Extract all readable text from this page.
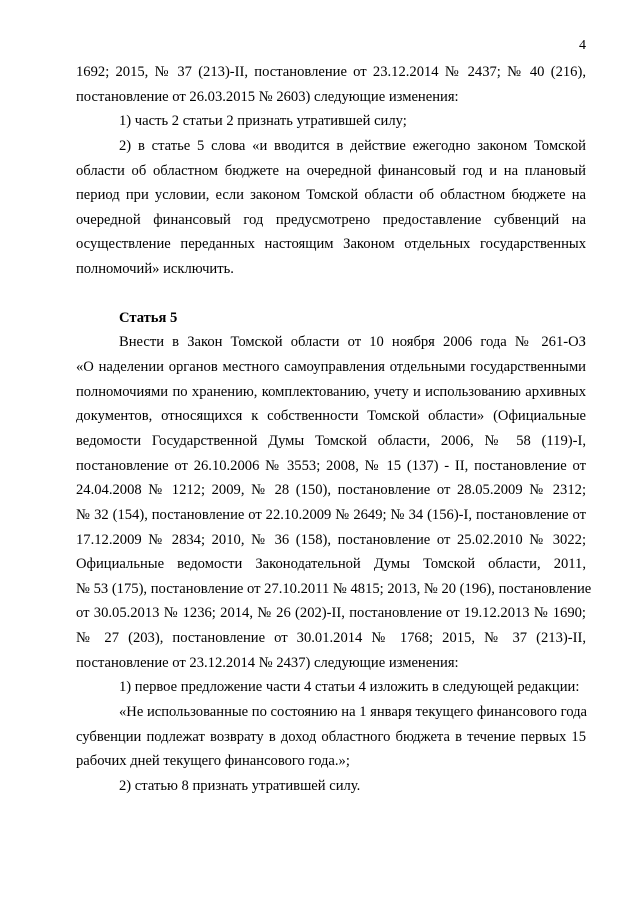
4
1692; 2015, № 37 (213)-II, постановление от 23.12.2014 № 2437; № 40 (216),
постановление от 26.03.2015 № 2603) следующие изменения:
1) часть 2 статьи 2 признать утратившей силу;
2) в статье 5 слова «и вводится в действие ежегодно законом Томской
области об областном бюджете на очередной финансовый год и на плановый
период при условии, если законом Томской области об областном бюджете на
очередной финансовый год предусмотрено предоставление субвенций на
осуществление переданных настоящим Законом отдельных государственных
полномочий» исключить.
Статья 5
Внести в Закон Томской области от 10 ноября 2006 года № 261-ОЗ
«О наделении органов местного самоуправления отдельными государственными
полномочиями по хранению, комплектованию, учету и использованию архивных
документов, относящихся к собственности Томской области» (Официальные
ведомости Государственной Думы Томской области, 2006, № 58 (119)-I,
постановление от 26.10.2006 № 3553; 2008, № 15 (137) - II, постановление от
24.04.2008 № 1212; 2009, № 28 (150), постановление от 28.05.2009 № 2312;
№ 32 (154), постановление от 22.10.2009 № 2649; № 34 (156)-I, постановление от
17.12.2009 № 2834; 2010, № 36 (158), постановление от 25.02.2010 № 3022;
Официальные ведомости Законодательной Думы Томской области, 2011,
№ 53 (175), постановление от 27.10.2011 № 4815; 2013, № 20 (196), постановление
от 30.05.2013 № 1236; 2014, № 26 (202)-II, постановление от 19.12.2013 № 1690;
№ 27 (203), постановление от 30.01.2014 № 1768; 2015, № 37 (213)-II,
постановление от 23.12.2014 № 2437) следующие изменения:
1) первое предложение части 4 статьи 4 изложить в следующей редакции:
«Не использованные по состоянию на 1 января текущего финансового года
субвенции подлежат возврату в доход областного бюджета в течение первых 15
рабочих дней текущего финансового года.»;
2) статью 8 признать утратившей силу.
